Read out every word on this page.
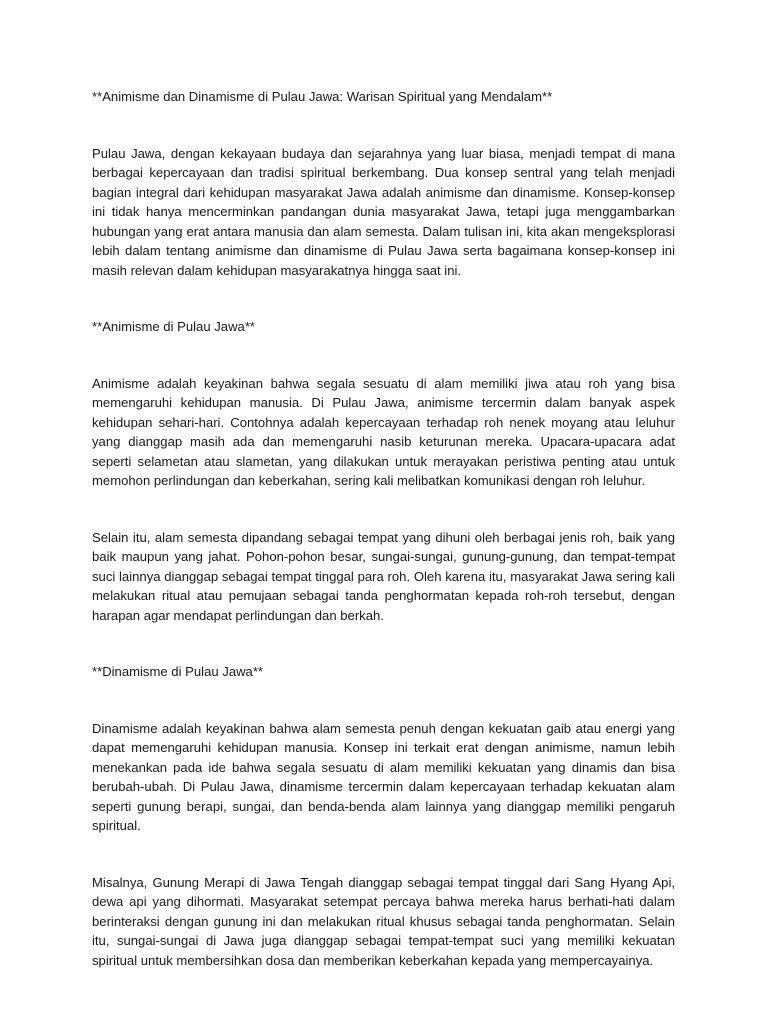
**Animisme dan Dinamisme di Pulau Jawa: Warisan Spiritual yang Mendalam**

Pulau Jawa, dengan kekayaan budaya dan sejarahnya yang luar biasa, menjadi tempat di mana berbagai kepercayaan dan tradisi spiritual berkembang. Dua konsep sentral yang telah menjadi bagian integral dari kehidupan masyarakat Jawa adalah animisme dan dinamisme. Konsep-konsep ini tidak hanya mencerminkan pandangan dunia masyarakat Jawa, tetapi juga menggambarkan hubungan yang erat antara manusia dan alam semesta. Dalam tulisan ini, kita akan mengeksplorasi lebih dalam tentang animisme dan dinamisme di Pulau Jawa serta bagaimana konsep-konsep ini masih relevan dalam kehidupan masyarakatnya hingga saat ini.

**Animisme di Pulau Jawa**

Animisme adalah keyakinan bahwa segala sesuatu di alam memiliki jiwa atau roh yang bisa memengaruhi kehidupan manusia. Di Pulau Jawa, animisme tercermin dalam banyak aspek kehidupan sehari-hari. Contohnya adalah kepercayaan terhadap roh nenek moyang atau leluhur yang dianggap masih ada dan memengaruhi nasib keturunan mereka. Upacara-upacara adat seperti selametan atau slametan, yang dilakukan untuk merayakan peristiwa penting atau untuk memohon perlindungan dan keberkahan, sering kali melibatkan komunikasi dengan roh leluhur.

Selain itu, alam semesta dipandang sebagai tempat yang dihuni oleh berbagai jenis roh, baik yang baik maupun yang jahat. Pohon-pohon besar, sungai-sungai, gunung-gunung, dan tempat-tempat suci lainnya dianggap sebagai tempat tinggal para roh. Oleh karena itu, masyarakat Jawa sering kali melakukan ritual atau pemujaan sebagai tanda penghormatan kepada roh-roh tersebut, dengan harapan agar mendapat perlindungan dan berkah.

**Dinamisme di Pulau Jawa**

Dinamisme adalah keyakinan bahwa alam semesta penuh dengan kekuatan gaib atau energi yang dapat memengaruhi kehidupan manusia. Konsep ini terkait erat dengan animisme, namun lebih menekankan pada ide bahwa segala sesuatu di alam memiliki kekuatan yang dinamis dan bisa berubah-ubah. Di Pulau Jawa, dinamisme tercermin dalam kepercayaan terhadap kekuatan alam seperti gunung berapi, sungai, dan benda-benda alam lainnya yang dianggap memiliki pengaruh spiritual.

Misalnya, Gunung Merapi di Jawa Tengah dianggap sebagai tempat tinggal dari Sang Hyang Api, dewa api yang dihormati. Masyarakat setempat percaya bahwa mereka harus berhati-hati dalam berinteraksi dengan gunung ini dan melakukan ritual khusus sebagai tanda penghormatan. Selain itu, sungai-sungai di Jawa juga dianggap sebagai tempat-tempat suci yang memiliki kekuatan spiritual untuk membersihkan dosa dan memberikan keberkahan kepada yang mempercayainya.
